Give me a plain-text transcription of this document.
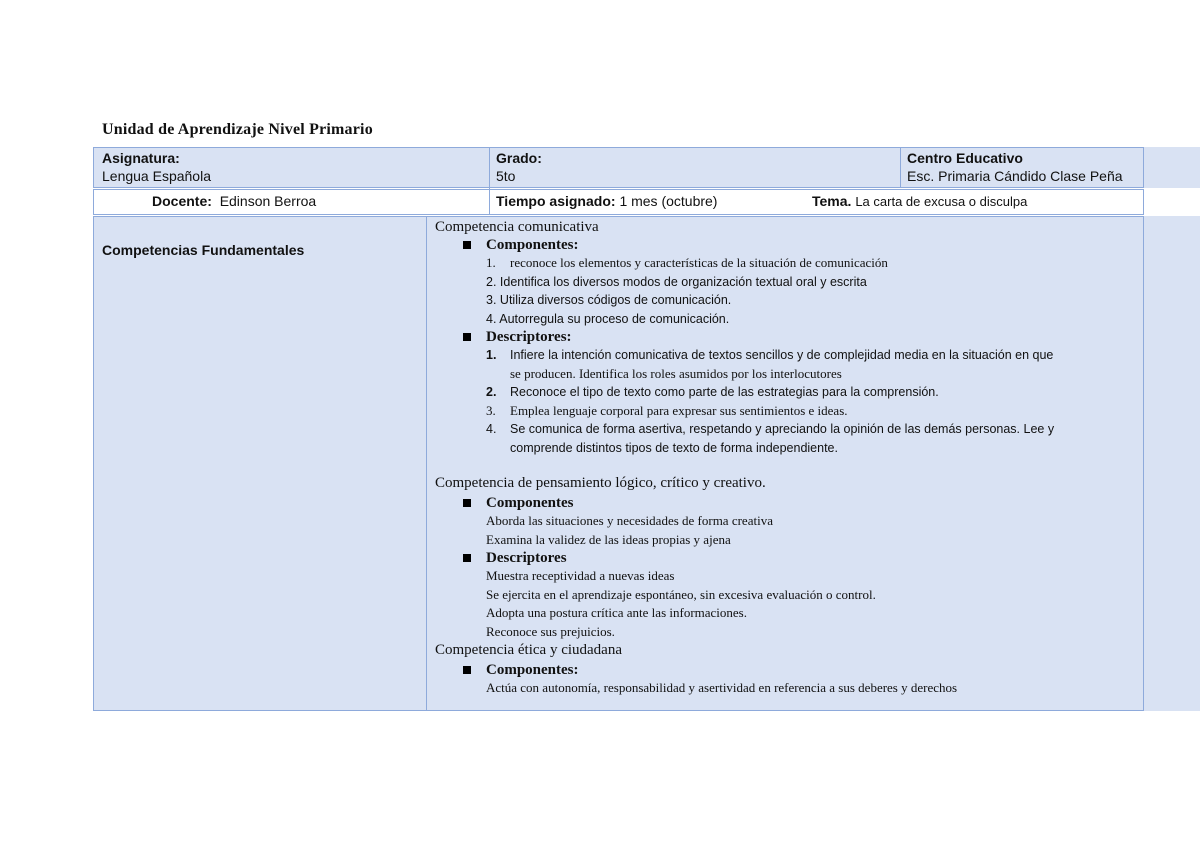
Unidad de Aprendizaje Nivel Primario
Asignatura:
Lengua Española
Grado:
5to
Centro Educativo
Esc. Primaria Cándido Clase Peña
Docente: Edinson Berroa	Tiempo asignado: 1 mes (octubre)	Tema. La carta de excusa o disculpa
Competencias Fundamentales
Competencia comunicativa
Componentes:
1. reconoce los elementos y características de la situación de comunicación
2. Identifica los diversos modos de organización textual oral y escrita
3. Utiliza diversos códigos de comunicación.
4. Autorregula su proceso de comunicación.
Descriptores:
1. Infiere la intención comunicativa de textos sencillos y de complejidad media en la situación en que
se producen. Identifica los roles asumidos por los interlocutores
2. Reconoce el tipo de texto como parte de las estrategias para la comprensión.
3. Emplea lenguaje corporal para expresar sus sentimientos e ideas.
4. Se comunica de forma asertiva, respetando y apreciando la opinión de las demás personas. Lee y
comprende distintos tipos de texto de forma independiente.
Competencia de pensamiento lógico, crítico y creativo.
Componentes
Aborda las situaciones y necesidades de forma creativa
Examina la validez de las ideas propias y ajena
Descriptores
Muestra receptividad a nuevas ideas
Se ejercita en el aprendizaje espontáneo, sin excesiva evaluación o control.
Adopta una postura crítica ante las informaciones.
Reconoce sus prejuicios.
Competencia ética y ciudadana
Componentes:
Actúa con autonomía, responsabilidad y asertividad en referencia a sus deberes y derechos
